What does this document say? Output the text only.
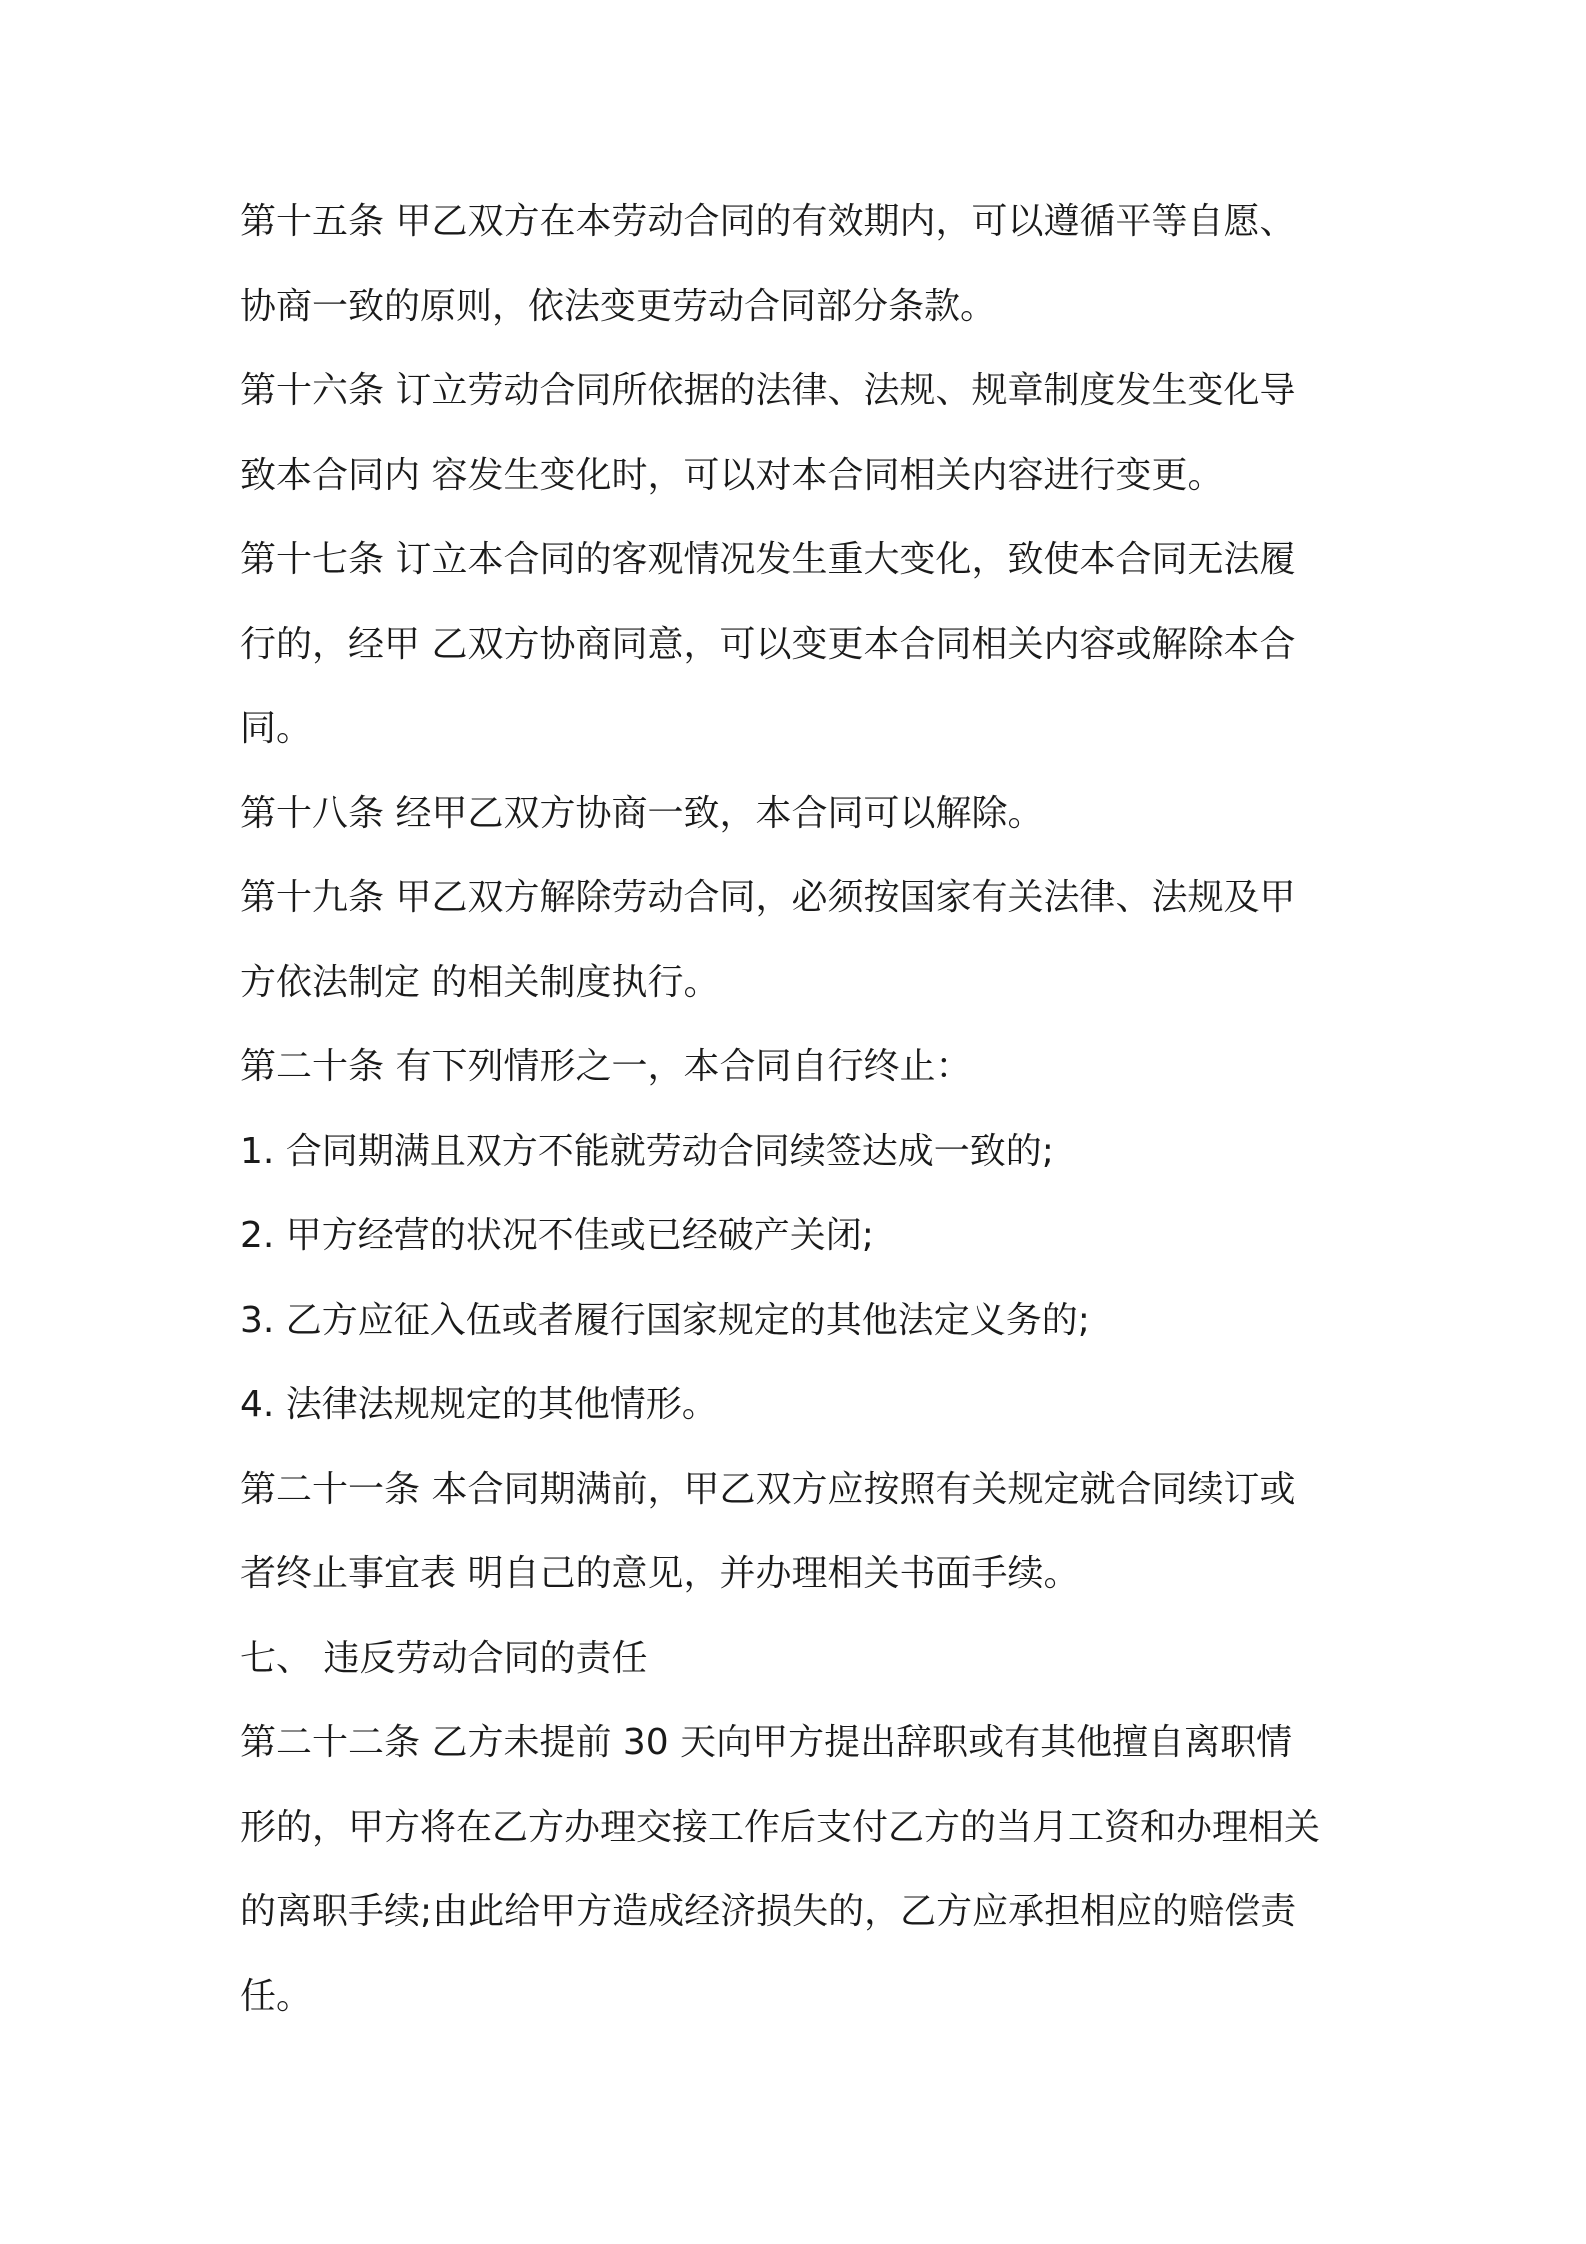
第十五条 甲乙双方在本劳动合同的有效期内，可以遵循平等自愿、
协商一致的原则，依法变更劳动合同部分条款。
第十六条 订立劳动合同所依据的法律、法规、规章制度发生变化导
致本合同内 容发生变化时，可以对本合同相关内容进行变更。
第十七条 订立本合同的客观情况发生重大变化，致使本合同无法履
行的，经甲 乙双方协商同意，可以变更本合同相关内容或解除本合
同。
第十八条 经甲乙双方协商一致，本合同可以解除。
第十九条 甲乙双方解除劳动合同，必须按国家有关法律、法规及甲
方依法制定 的相关制度执行。
第二十条 有下列情形之一，本合同自行终止：
1. 合同期满且双方不能就劳动合同续签达成一致的;
2. 甲方经营的状况不佳或已经破产关闭;
3. 乙方应征入伍或者履行国家规定的其他法定义务的;
4. 法律法规规定的其他情形。
第二十一条 本合同期满前，甲乙双方应按照有关规定就合同续订或
者终止事宜表 明自己的意见，并办理相关书面手续。
七、 违反劳动合同的责任
第二十二条 乙方未提前 30 天向甲方提出辞职或有其他擅自离职情
形的，甲方将在乙方办理交接工作后支付乙方的当月工资和办理相关
的离职手续;由此给甲方造成经济损失的，乙方应承担相应的赔偿责
任。
